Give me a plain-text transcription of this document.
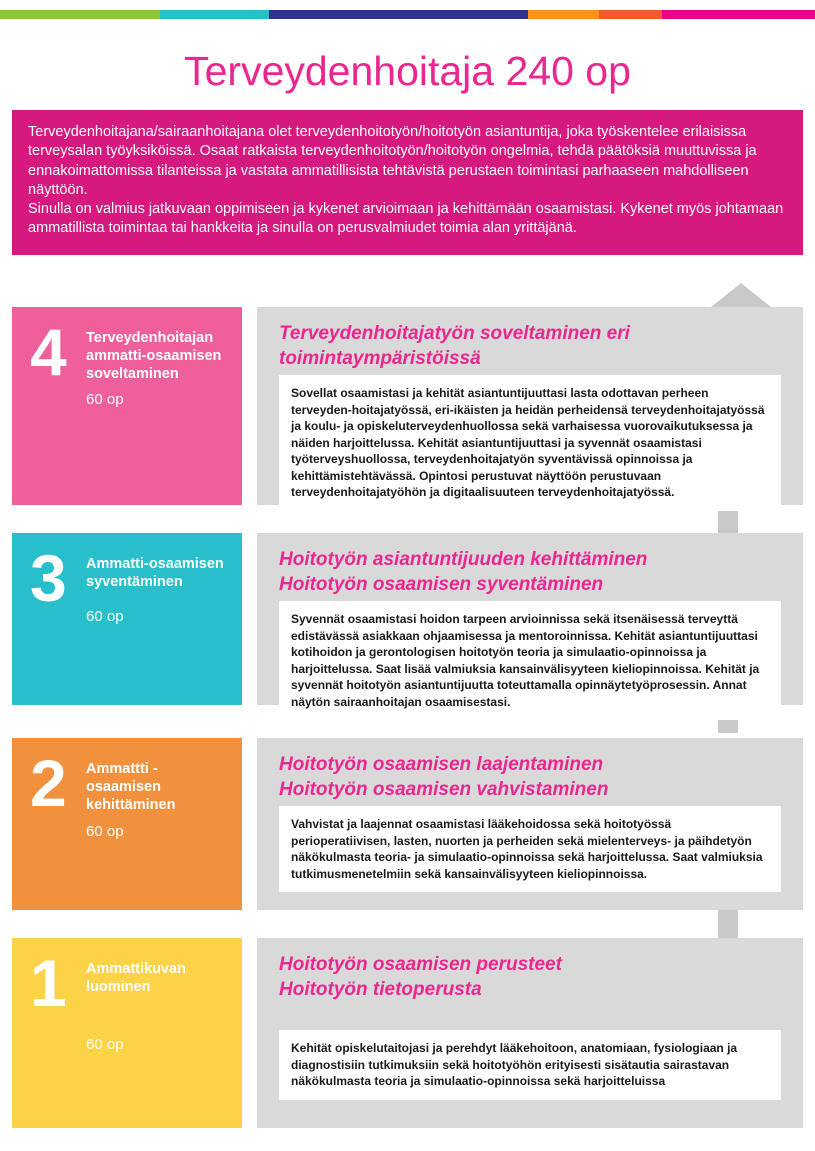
Terveydenhoitaja 240 op

Terveydenhoitajana/sairaanhoitajana olet terveydenhoitotyön/hoitotyön asiantuntija, joka työskentelee erilaisissa terveysalan työyksiköissä. Osaat ratkaista terveydenhoitotyön/hoitotyön ongelmia, tehdä päätöksiä muuttuvissa ja ennakoimattomissa tilanteissa ja vastata ammatillisista tehtävistä perustaen toimintasi parhaaseen mahdolliseen näyttöön.

Sinulla on valmius jatkuvaan oppimiseen ja kykenet arvioimaan ja kehittämään osaamistasi. Kykenet myös johtamaan ammatillista toimintaa tai hankkeita ja sinulla on perusvalmiudet toimia alan yrittäjänä.

4 Terveydenhoitajan ammatti-osaamisen soveltaminen
60 op
Terveydenhoitajatyön soveltaminen eri
toimintaympäristöissä
Sovellat osaamistasi ja kehität asiantuntijuuttasi lasta odottavan perheen terveyden-hoitajatyössä, eri-ikäisten ja heidän perheidensä terveydenhoitajatyössä ja koulu- ja opiskeluterveydenhuollossa sekä varhaisessa vuorovaikutuksessa ja näiden harjoittelussa. Kehität asiantuntijuuttasi ja syvennät osaamistasi työterveyshuollossa, terveydenhoitajatyön syventävissä opinnoissa ja kehittämistehtävässä. Opintosi perustuvat näyttöön perustuvaan terveydenhoitajatyöhön ja digitaalisuuteen terveydenhoitajatyössä.
3 Ammatti-osaamisen syventäminen
60 op
Hoitotyön asiantuntijuuden kehittäminen
Hoitotyön osaamisen syventäminen
Syvennät osaamistasi hoidon tarpeen arvioinnissa sekä itsenäisessä terveyttä edistävässä asiakkaan ohjaamisessa ja mentoroinnissa. Kehität asiantuntijuuttasi kotihoidon ja gerontologisen hoitotyön teoria ja simulaatio-opinnoissa ja harjoittelussa. Saat lisää valmiuksia kansainvälisyyteen kieliopinnoissa. Kehität ja syvennät hoitotyön asiantuntijuutta toteuttamalla opinnäytetyöprosessin. Annat näytön sairaanhoitajan osaamisestasi.
2 Ammattti - osaamisen kehittäminen
60 op
Hoitotyön osaamisen laajentaminen
Hoitotyön osaamisen vahvistaminen
Vahvistat ja laajennat osaamistasi lääkehoidossa sekä hoitotyössä perioperatiivisen, lasten, nuorten ja perheiden sekä mielenterveys- ja päihdetyön näkökulmasta teoria- ja simulaatio-opinnoissa sekä harjoittelussa. Saat valmiuksia tutkimusmenetelmiin sekä kansainvälisyyteen kieliopinnoissa.
1 Ammattikuvan luominen
60 op
Hoitotyön osaamisen perusteet
Hoitotyön tietoperusta
Kehität opiskelutaitojasi ja perehdyt lääkehoitoon, anatomiaan, fysiologiaan ja diagnostisiin tutkimuksiin sekä hoitotyöhön erityisesti sisätautia sairastavan näkökulmasta teoria ja simulaatio-opinnoissa sekä harjoitteluissa
